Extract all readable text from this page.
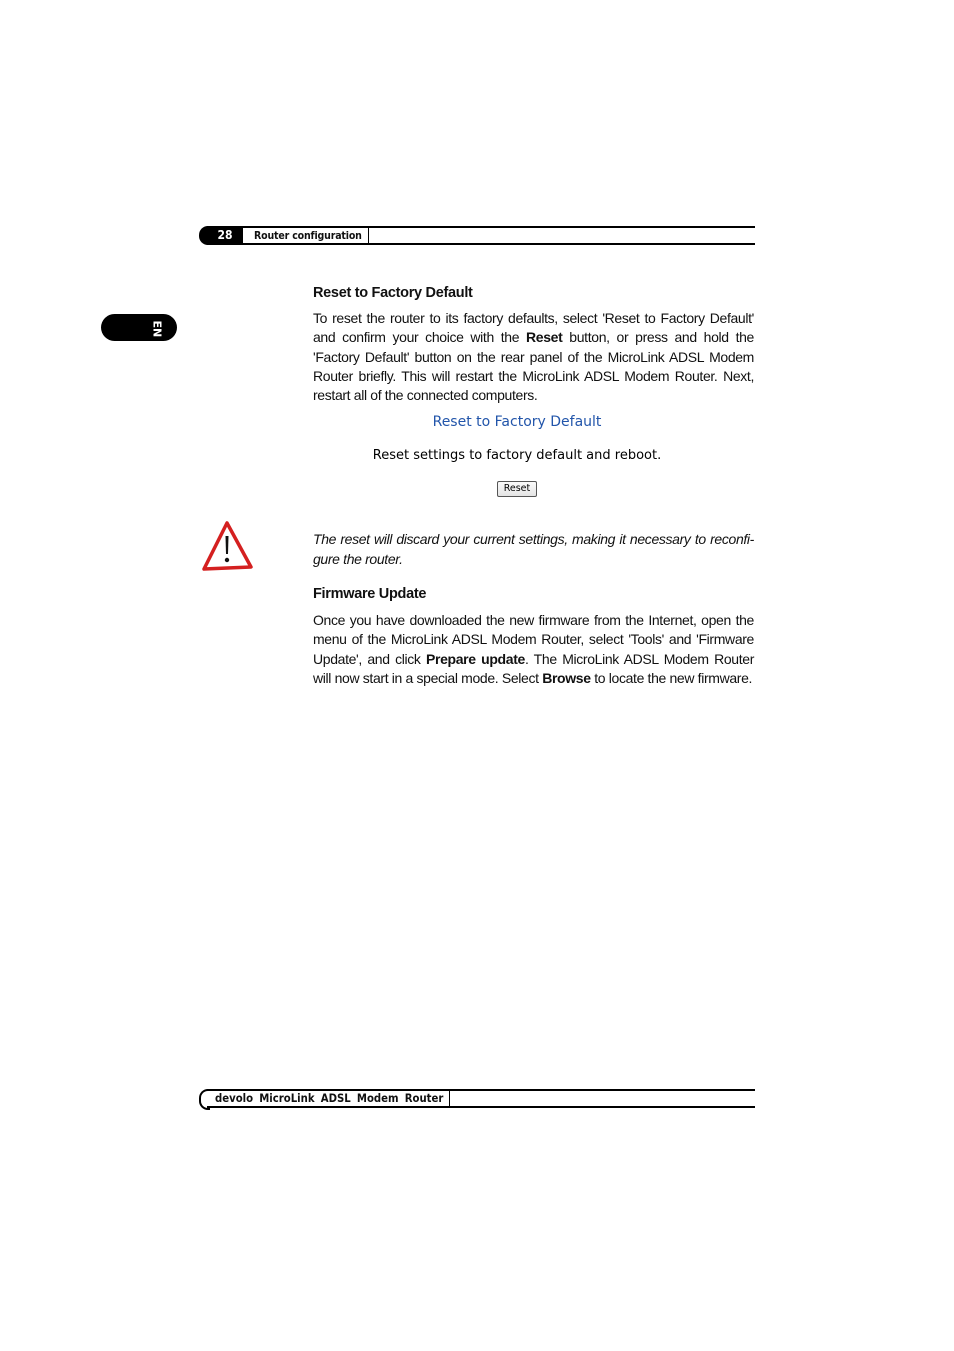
28	Router configuration
EN
Reset to Factory Default

To reset the router to its factory defaults, select 'Reset to Factory Default' and confirm your choice with the Reset button, or press and hold the 'Factory Default' button on the rear panel of the MicroLink ADSL Modem Router briefly. This will restart the MicroLink ADSL Modem Router. Next, restart all of the connected computers.

Reset to Factory Default
Reset settings to factory default and reboot.
Reset

The reset will discard your current settings, making it necessary to reconfi- gure the router.

Firmware Update

Once you have downloaded the new firmware from the Internet, open the menu of the MicroLink ADSL Modem Router, select 'Tools' and 'Firmware Update', and click Prepare update. The MicroLink ADSL Modem Router will now start in a special mode. Select Browse to locate the new firmware.

devolo MicroLink ADSL Modem Router
